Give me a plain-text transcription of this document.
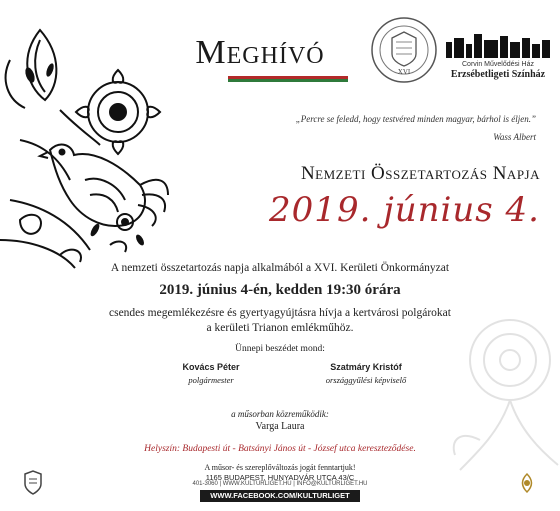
Meghívó
XVI
Corvin Művelődési Ház
Erzsébetligeti Színház
„Percre se feledd, hogy testvéred minden magyar, bárhol is éljen.”
Wass Albert
Nemzeti Összetartozás Napja
2019. június 4.
A nemzeti összetartozás napja alkalmából a XVI. Kerületi Önkormányzat
2019. június 4-én, kedden 19:30 órára
csendes megemlékezésre és gyertyagyújtásra hívja a kertvárosi polgárokat
a kerületi Trianon emlékműhöz.
Ünnepi beszédet mond:
Kovács Péter
polgármester
Szatmáry Kristóf
országgyűlési képviselő
a műsorban közreműködik:
Varga Laura
Helyszín: Budapesti út - Batsányi János út - József utca kereszteződése.
A műsor- és szereplőváltozás jogát fenntartjuk!
1165 BUDAPEST, HUNYADVÁR UTCA 43/C
401-3060 | WWW.KULTURLIGET.HU | INFO@KULTURLIGET.HU
WWW.FACEBOOK.COM/KULTURLIGET
